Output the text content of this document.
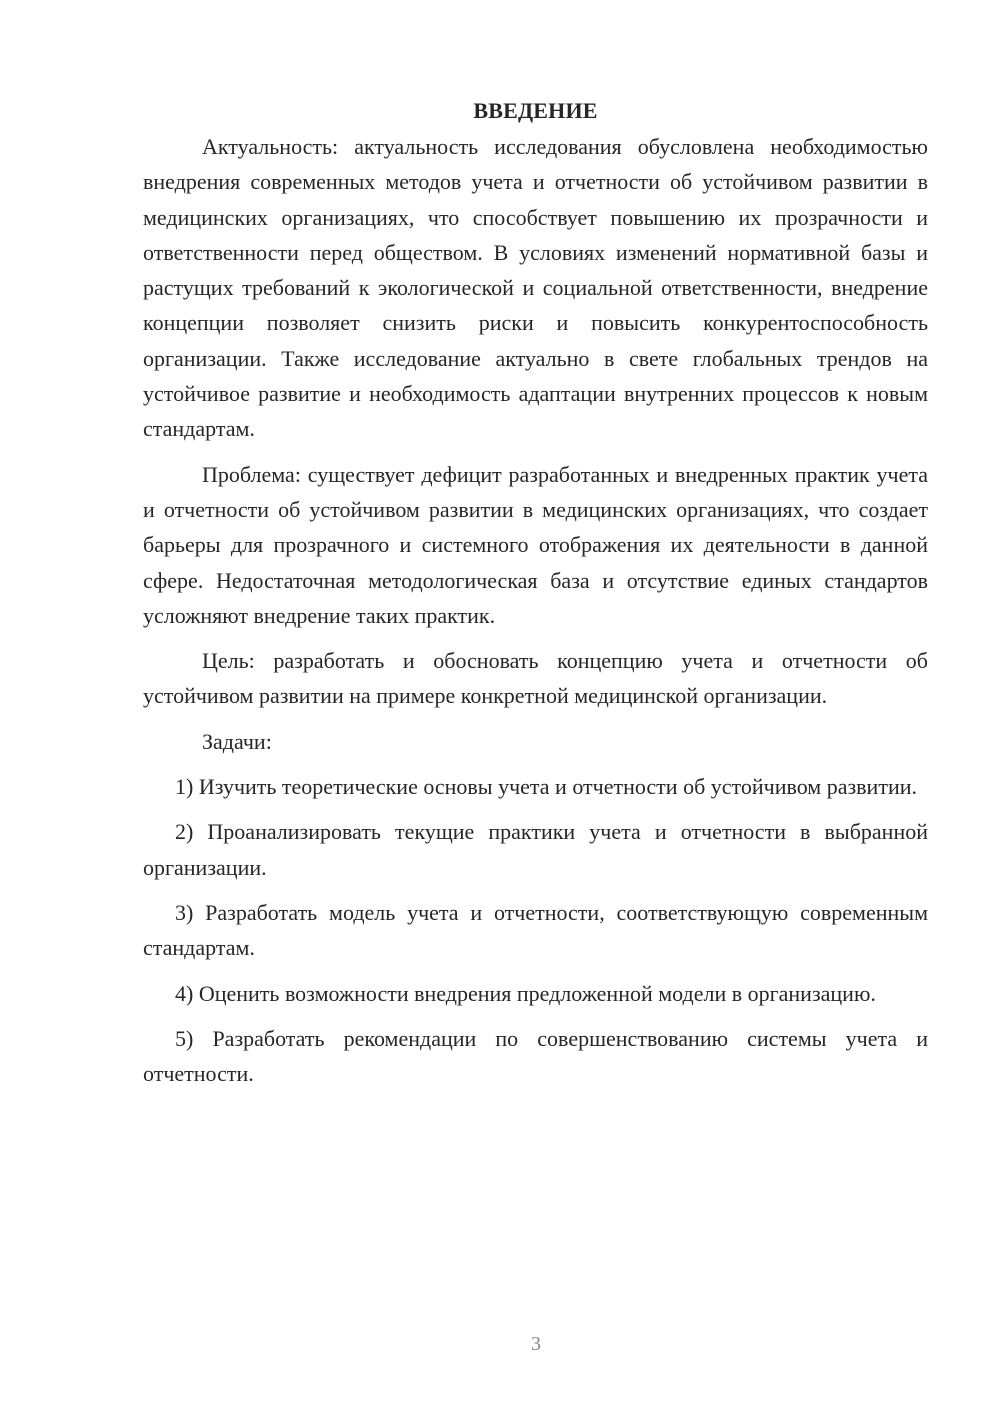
ВВЕДЕНИЕ

Актуальность: актуальность исследования обусловлена необходимостью внедрения современных методов учета и отчетности об устойчивом развитии в медицинских организациях, что способствует повышению их прозрачности и ответственности перед обществом. В условиях изменений нормативной базы и растущих требований к экологической и социальной ответственности, внедрение концепции позволяет снизить риски и повысить конкурентоспособность организации. Также исследование актуально в свете глобальных трендов на устойчивое развитие и необходимость адаптации внутренних процессов к новым стандартам.

Проблема: существует дефицит разработанных и внедренных практик учета и отчетности об устойчивом развитии в медицинских организациях, что создает барьеры для прозрачного и системного отображения их деятельности в данной сфере. Недостаточная методологическая база и отсутствие единых стандартов усложняют внедрение таких практик.

Цель: разработать и обосновать концепцию учета и отчетности об устойчивом развитии на примере конкретной медицинской организации.

Задачи:

1) Изучить теоретические основы учета и отчетности об устойчивом развитии.

2) Проанализировать текущие практики учета и отчетности в выбранной организации.

3) Разработать модель учета и отчетности, соответствующую современным стандартам.

4) Оценить возможности внедрения предложенной модели в организацию.

5) Разработать рекомендации по совершенствованию системы учета и отчетности.

3
